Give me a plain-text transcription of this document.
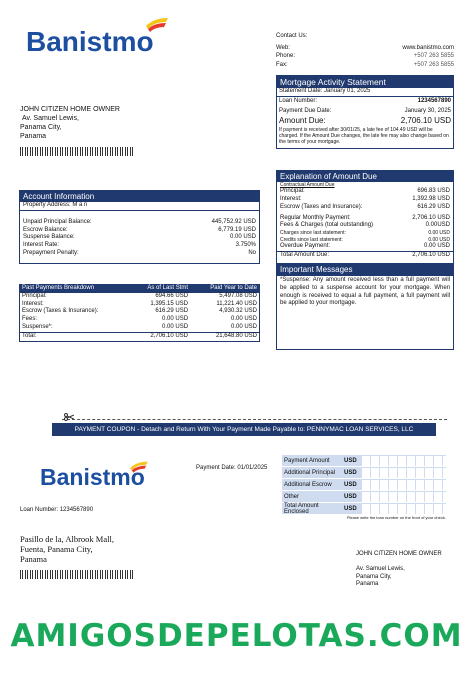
Banistmo	Contact Us:
Web:	www.banistmo.com
Phone:	+507 263 5855
Fax:	+507 263 5855
JOHN CITIZEN HOME OWNER
Av. Samuel Lewis,
Panama City,
Panama
Mortgage Activity Statement
Statement Date: January 01, 2025
Loan Number:	1234567890
Payment Due Date:	January 30, 2025
Amount Due:	2,706.10 USD
If payment is received after 30/01/25, a late fee of 104.49 USD will be charged. If the Amount Due changes, the late fee may also change based on the terms of your mortgage.
Account Information
Property Address: M a n
Unpaid Principal Balance:	445,752.92 USD
Escrow Balance:	6,779.19 USD
Suspense Balance:	0.00 USD
Interest Rate:	3.750%
Prepayment Penalty:	No
Explanation of Amount Due
Contractual Amount Due
Principal:	696.83 USD
Interest:	1,392.98 USD
Escrow (Taxes and Insurance):	616.29 USD
Regular Monthly Payment:	2,706.10 USD
Fees & Charges (total outstanding)	0.00USD
Charges since last statement:	0.00 USD
Credits since last statement:	0.00 USD
Overdue Payment:	0.00 USD
Total Amount Due:	2,706.10 USD
Past Payments Breakdown	As of Last Stmt	Paid Year to Date
Principal:	694.66 USD	5,497.08 USD
Interest:	1,395.15 USD	11,221.40 USD
Escrow (Taxes & Insurance):	616.29 USD	4,930.32 USD
Fees:	0.00 USD	0.00 USD
Suspense*:	0.00 USD	0.00 USD
Total:	2,706.10 USD	21,648.80 USD
Important Messages
*Suspense: Any amount received less than a full payment will be applied to a suspense account for your mortgage. When enough is received to equal a full payment, a full payment will be applied to your mortgage.
PAYMENT COUPON - Detach and Return With Your Payment Made Payable to: PENNYMAC LOAN SERVICES, LLC
Banistmo	Payment Date: 01/01/2025
Loan Number: 1234567890
Payment Amount	USD
Additional Principal	USD
Additional Escrow	USD
Other	USD
Total Amount Enclosed	USD
Please write the loan number on the front of your check.
Pasillo de la, Albrook Mall,
Fuenta, Panama City,
Panama	JOHN CITIZEN HOME OWNER
Av. Samuel Lewis,
Panama City,
Panama
AMIGOSDEPELOTAS.COM
